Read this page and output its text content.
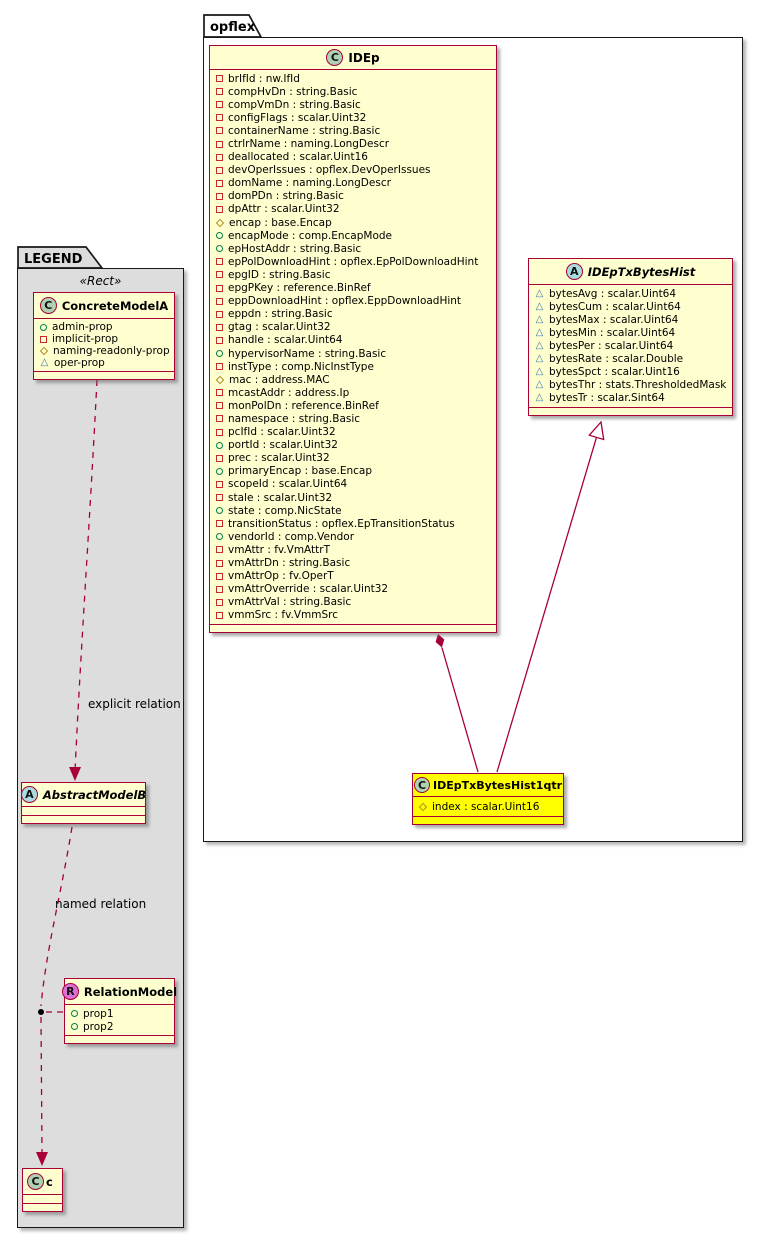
LEGEND
«Rect»
opflex
explicit relation
named relation
C ConcreteModelA
admin-prop
implicit-prop
naming-readonly-prop
△
oper-prop
A AbstractModelB
R RelationModel
prop1
prop2
C c
C IDEp
brIfId : nw.IfId
compHvDn : string.Basic
compVmDn : string.Basic
configFlags : scalar.Uint32
containerName : string.Basic
ctrlrName : naming.LongDescr
deallocated : scalar.Uint16
devOperIssues : opflex.DevOperIssues
domName : naming.LongDescr
domPDn : string.Basic
dpAttr : scalar.Uint32
encap : base.Encap
encapMode : comp.EncapMode
epHostAddr : string.Basic
epPolDownloadHint : opflex.EpPolDownloadHint
epgID : string.Basic
epgPKey : reference.BinRef
eppDownloadHint : opflex.EppDownloadHint
eppdn : string.Basic
gtag : scalar.Uint32
handle : scalar.Uint64
hypervisorName : string.Basic
instType : comp.NicInstType
mac : address.MAC
mcastAddr : address.Ip
monPolDn : reference.BinRef
namespace : string.Basic
pcIfId : scalar.Uint32
portId : scalar.Uint32
prec : scalar.Uint32
primaryEncap : base.Encap
scopeId : scalar.Uint64
stale : scalar.Uint32
state : comp.NicState
transitionStatus : opflex.EpTransitionStatus
vendorId : comp.Vendor
vmAttr : fv.VmAttrT
vmAttrDn : string.Basic
vmAttrOp : fv.OperT
vmAttrOverride : scalar.Uint32
vmAttrVal : string.Basic
vmmSrc : fv.VmmSrc
A IDEpTxBytesHist
△
bytesAvg : scalar.Uint64
△
bytesCum : scalar.Uint64
△
bytesMax : scalar.Uint64
△
bytesMin : scalar.Uint64
△
bytesPer : scalar.Uint64
△
bytesRate : scalar.Double
△
bytesSpct : scalar.Uint16
△
bytesThr : stats.ThresholdedMask
△
bytesTr : scalar.Sint64
C IDEpTxBytesHist1qtr
index : scalar.Uint16
